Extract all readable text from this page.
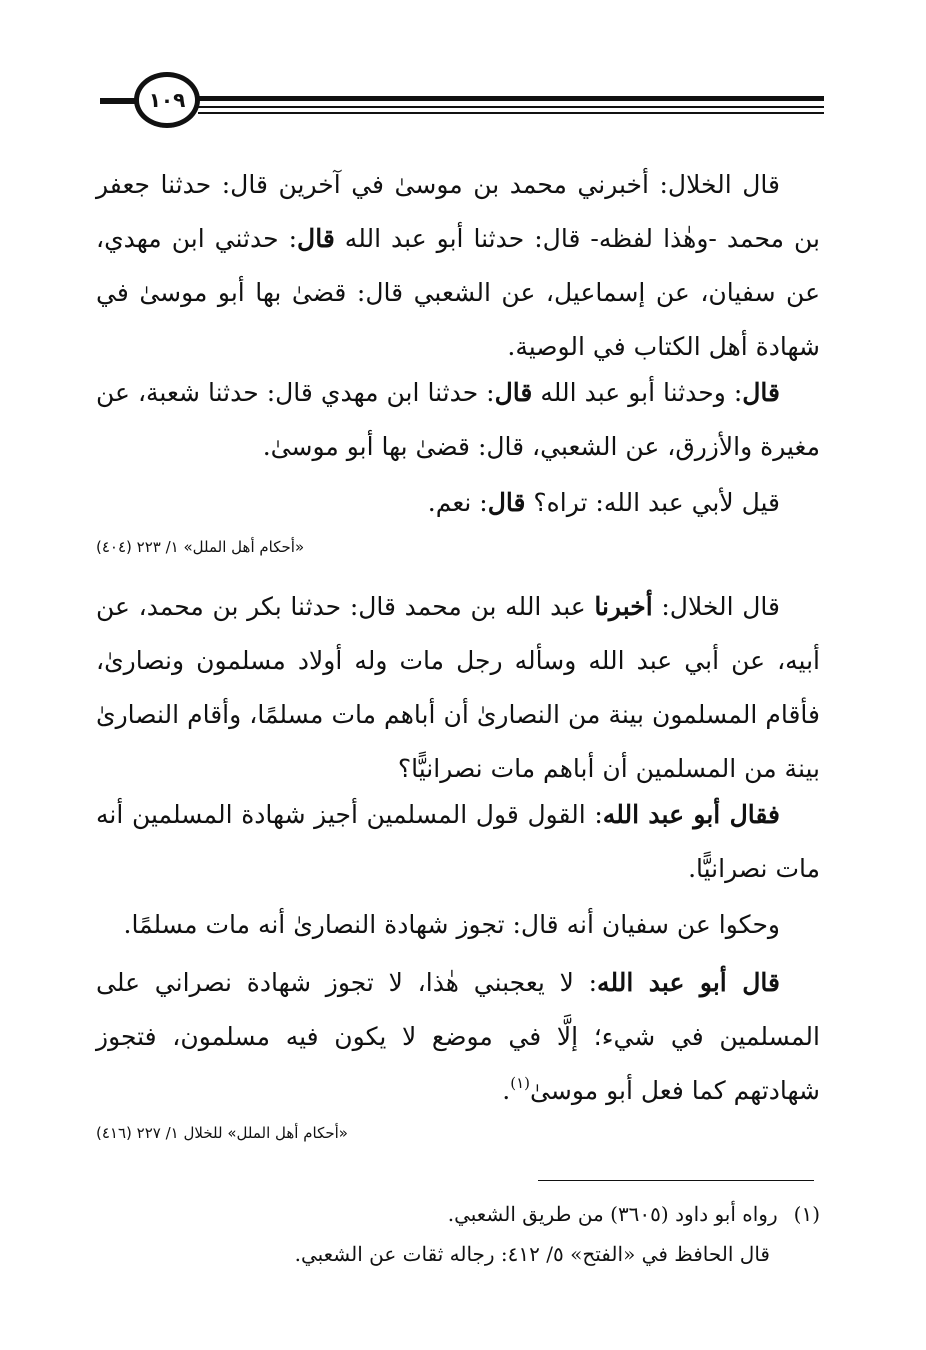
١٠٩
قال الخلال: أخبرني محمد بن موسىٰ في آخرين قال: حدثنا جعفر بن محمد -وهٰذا لفظه- قال: حدثنا أبو عبد الله قال: حدثني ابن مهدي، عن سفيان، عن إسماعيل، عن الشعبي قال: قضىٰ بها أبو موسىٰ في شهادة أهل الكتاب في الوصية.
قال: وحدثنا أبو عبد الله قال: حدثنا ابن مهدي قال: حدثنا شعبة، عن مغيرة والأزرق، عن الشعبي، قال: قضىٰ بها أبو موسىٰ.
قيل لأبي عبد الله: تراه؟ قال: نعم.
«أحكام أهل الملل» ١/ ٢٢٣ (٤٠٤)
قال الخلال: أخبرنا عبد الله بن محمد قال: حدثنا بكر بن محمد، عن أبيه، عن أبي عبد الله وسأله رجل مات وله أولاد مسلمون ونصارىٰ، فأقام المسلمون بينة من النصارىٰ أن أباهم مات مسلمًا، وأقام النصارىٰ بينة من المسلمين أن أباهم مات نصرانيًّا؟
فقال أبو عبد الله: القول قول المسلمين أجيز شهادة المسلمين أنه مات نصرانيًّا.
وحكوا عن سفيان أنه قال: تجوز شهادة النصارىٰ أنه مات مسلمًا.
قال أبو عبد الله: لا يعجبني هٰذا، لا تجوز شهادة نصراني على المسلمين في شيء؛ إلَّا في موضع لا يكون فيه مسلمون، فتجوز شهادتهم كما فعل أبو موسىٰ$^{(١)}$.
«أحكام أهل الملل» للخلال ١/ ٢٢٧ (٤١٦)
(١)رواه أبو داود (٣٦٠٥) من طريق الشعبي.
قال الحافظ في «الفتح» ٥/ ٤١٢: رجاله ثقات عن الشعبي.
